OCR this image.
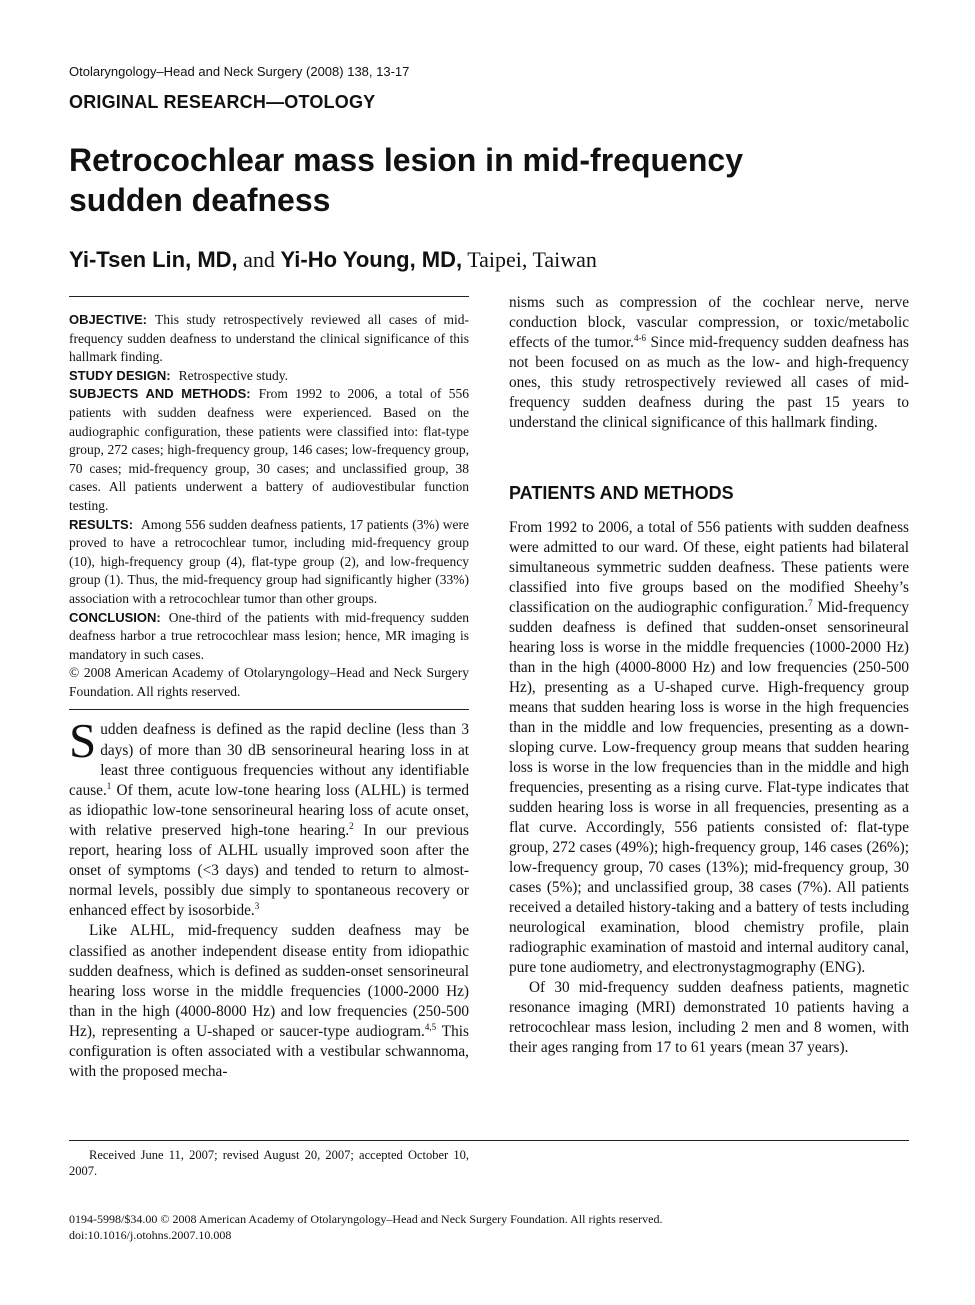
Otolaryngology–Head and Neck Surgery (2008) 138, 13-17
ORIGINAL RESEARCH—OTOLOGY
Retrocochlear mass lesion in mid-frequency sudden deafness
Yi-Tsen Lin, MD, and Yi-Ho Young, MD, Taipei, Taiwan

OBJECTIVE: This study retrospectively reviewed all cases of mid-frequency sudden deafness to understand the clinical significance of this hallmark finding.

STUDY DESIGN: Retrospective study.

SUBJECTS AND METHODS: From 1992 to 2006, a total of 556 patients with sudden deafness were experienced. Based on the audiographic configuration, these patients were classified into: flat-type group, 272 cases; high-frequency group, 146 cases; low-frequency group, 70 cases; mid-frequency group, 30 cases; and unclassified group, 38 cases. All patients underwent a battery of audiovestibular function testing.

RESULTS: Among 556 sudden deafness patients, 17 patients (3%) were proved to have a retrocochlear tumor, including mid-frequency group (10), high-frequency group (4), flat-type group (2), and low-frequency group (1). Thus, the mid-frequency group had significantly higher (33%) association with a retrocochlear tumor than other groups.

CONCLUSION: One-third of the patients with mid-frequency sudden deafness harbor a true retrocochlear mass lesion; hence, MR imaging is mandatory in such cases.

© 2008 American Academy of Otolaryngology–Head and Neck Surgery Foundation. All rights reserved.

Sudden deafness is defined as the rapid decline (less than 3 days) of more than 30 dB sensorineural hearing loss in at least three contiguous frequencies without any identifiable cause.$^1$ Of them, acute low-tone hearing loss (ALHL) is termed as idiopathic low-tone sensorineural hearing loss of acute onset, with relative preserved high-tone hearing.$^2$ In our previous report, hearing loss of ALHL usually improved soon after the onset of symptoms (<3 days) and tended to return to almost-normal levels, possibly due simply to spontaneous recovery or enhanced effect by isosorbide.$^3$

Like ALHL, mid-frequency sudden deafness may be classified as another independent disease entity from idiopathic sudden deafness, which is defined as sudden-onset sensorineural hearing loss worse in the middle frequencies (1000-2000 Hz) than in the high (4000-8000 Hz) and low frequencies (250-500 Hz), representing a U-shaped or saucer-type audiogram.$^{4,5}$ This configuration is often associated with a vestibular schwannoma, with the proposed mecha-

nisms such as compression of the cochlear nerve, nerve conduction block, vascular compression, or toxic/metabolic effects of the tumor.$^{4-6}$ Since mid-frequency sudden deafness has not been focused on as much as the low- and high-frequency ones, this study retrospectively reviewed all cases of mid-frequency sudden deafness during the past 15 years to understand the clinical significance of this hallmark finding.

PATIENTS AND METHODS

From 1992 to 2006, a total of 556 patients with sudden deafness were admitted to our ward. Of these, eight patients had bilateral simultaneous symmetric sudden deafness. These patients were classified into five groups based on the modified Sheehy’s classification on the audiographic configuration.$^7$ Mid-frequency sudden deafness is defined that sudden-onset sensorineural hearing loss is worse in the middle frequencies (1000-2000 Hz) than in the high (4000-8000 Hz) and low frequencies (250-500 Hz), presenting as a U-shaped curve. High-frequency group means that sudden hearing loss is worse in the high frequencies than in the middle and low frequencies, presenting as a down-sloping curve. Low-frequency group means that sudden hearing loss is worse in the low frequencies than in the middle and high frequencies, presenting as a rising curve. Flat-type indicates that sudden hearing loss is worse in all frequencies, presenting as a flat curve. Accordingly, 556 patients consisted of: flat-type group, 272 cases (49%); high-frequency group, 146 cases (26%); low-frequency group, 70 cases (13%); mid-frequency group, 30 cases (5%); and unclassified group, 38 cases (7%). All patients received a detailed history-taking and a battery of tests including neurological examination, blood chemistry profile, plain radiographic examination of mastoid and internal auditory canal, pure tone audiometry, and electronystagmography (ENG).

Of 30 mid-frequency sudden deafness patients, magnetic resonance imaging (MRI) demonstrated 10 patients having a retrocochlear mass lesion, including 2 men and 8 women, with their ages ranging from 17 to 61 years (mean 37 years).

Received June 11, 2007; revised August 20, 2007; accepted October 10, 2007.
0194-5998/$34.00 © 2008 American Academy of Otolaryngology–Head and Neck Surgery Foundation. All rights reserved.
doi:10.1016/j.otohns.2007.10.008
